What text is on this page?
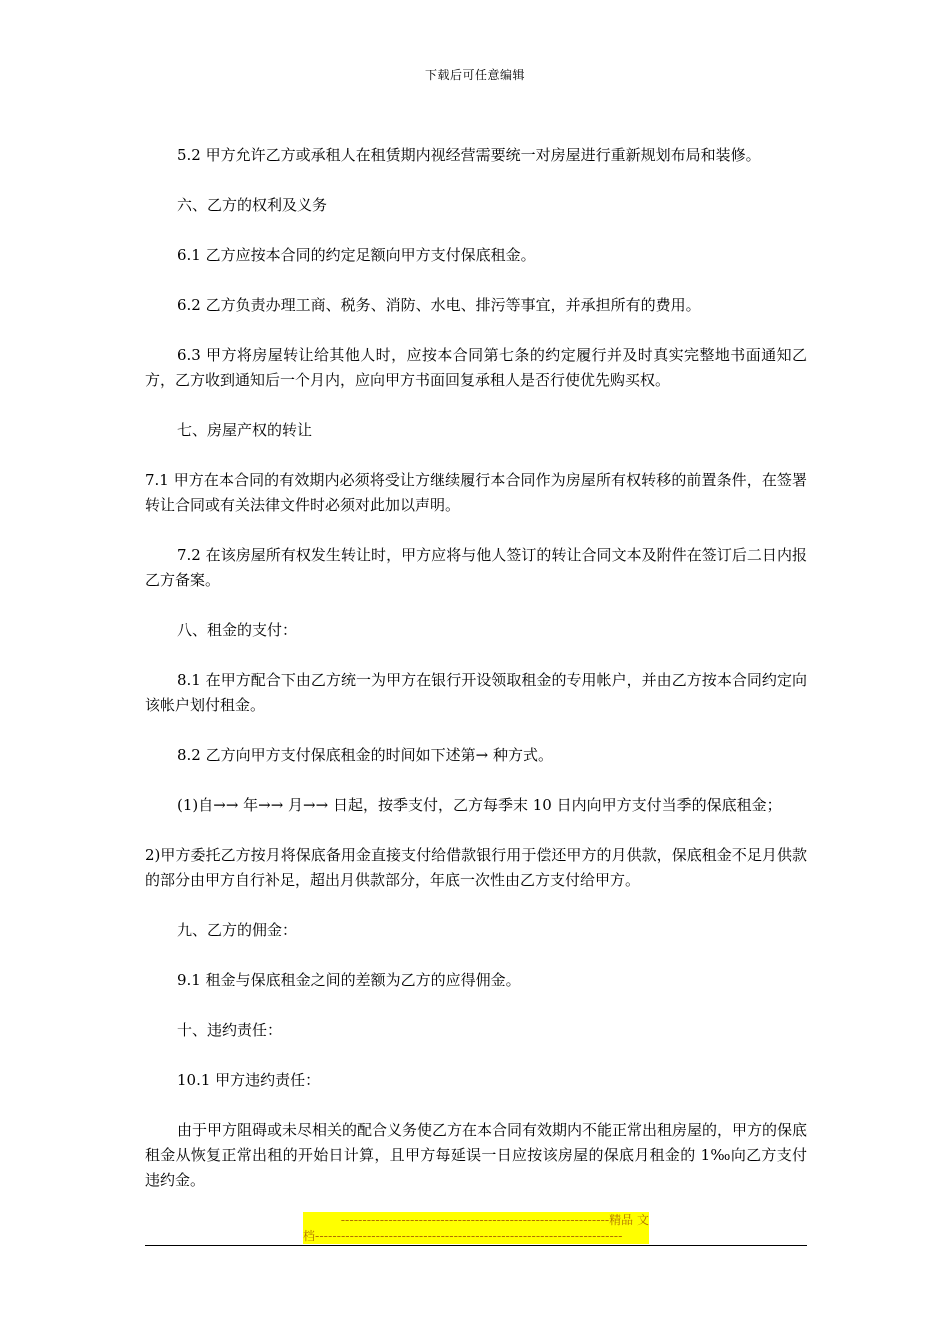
下载后可任意编辑

5.2 甲方允许乙方或承租人在租赁期内视经营需要统一对房屋进行重新规划布局和装修。

六、乙方的权利及义务

6.1 乙方应按本合同的约定足额向甲方支付保底租金。

6.2 乙方负责办理工商、税务、消防、水电、排污等事宜，并承担所有的费用。

6.3 甲方将房屋转让给其他人时，应按本合同第七条的约定履行并及时真实完整地书面通知乙方，乙方收到通知后一个月内，应向甲方书面回复承租人是否行使优先购买权。

七、房屋产权的转让

7.1 甲方在本合同的有效期内必须将受让方继续履行本合同作为房屋所有权转移的前置条件，在签署转让合同或有关法律文件时必须对此加以声明。

7.2 在该房屋所有权发生转让时，甲方应将与他人签订的转让合同文本及附件在签订后二日内报乙方备案。

八、租金的支付：

8.1 在甲方配合下由乙方统一为甲方在银行开设领取租金的专用帐户，并由乙方按本合同约定向该帐户划付租金。

8.2 乙方向甲方支付保底租金的时间如下述第→ 种方式。

(1)自→→ 年→→ 月→→ 日起，按季支付，乙方每季末 10 日内向甲方支付当季的保底租金；

2)甲方委托乙方按月将保底备用金直接支付给借款银行用于偿还甲方的月供款，保底租金不足月供款的部分由甲方自行补足，超出月供款部分，年底一次性由乙方支付给甲方。

九、乙方的佣金：

9.1 租金与保底租金之间的差额为乙方的应得佣金。

十、违约责任：

10.1 甲方违约责任：

由于甲方阻碍或未尽相关的配合义务使乙方在本合同有效期内不能正常出租房屋的，甲方的保底租金从恢复正常出租的开始日计算，且甲方每延误一日应按该房屋的保底月租金的 1‰向乙方支付违约金。

--------------------------------------------------------------精品 文
档-----------------------------------------------------------------------
